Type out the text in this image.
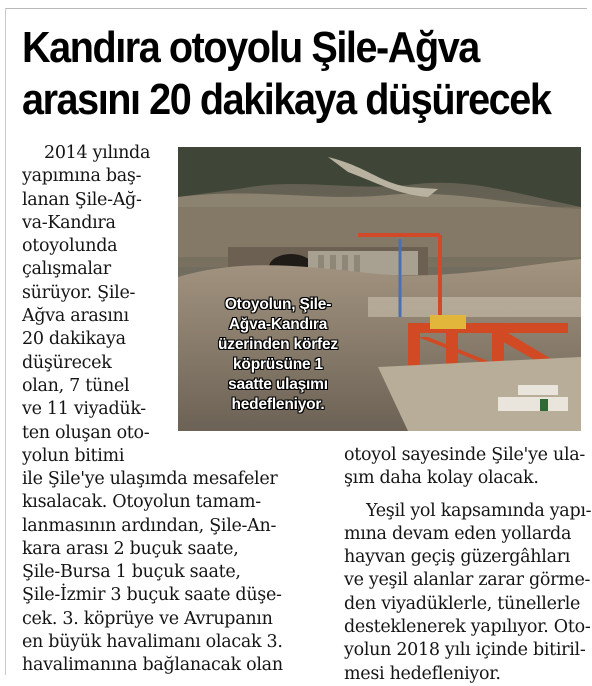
Kandıra otoyolu Şile-Ağva
arasını 20 dakikaya düşürecek
2014 yılında
yapımına baş-
lanan Şile-Ağ-
va-Kandıra
otoyolunda
çalışmalar
sürüyor. Şile-
Ağva arasını
20 dakikaya
düşürecek
olan, 7 tünel
ve 11 viyadük-
ten oluşan oto-
yolun bitimi

Otoyolun, Şile-
Ağva-Kandıra
üzerinden körfez
köprüsüne 1
saatte ulaşımı
hedefleniyor.

ile Şile'ye ulaşımda mesafeler
kısalacak. Otoyolun tamam-
lanmasının ardından, Şile-An-
kara arası 2 buçuk saate,
Şile-Bursa 1 buçuk saate,
Şile-İzmir 3 buçuk saate düşe-
cek. 3. köprüye ve Avrupanın
en büyük havalimanı olacak 3.
havalimanına bağlanacak olan
otoyol sayesinde Şile'ye ula-
şım daha kolay olacak.
Yeşil yol kapsamında yapı-
mına devam eden yollarda
hayvan geçiş güzergâhları
ve yeşil alanlar zarar görme-
den viyadüklerle, tünellerle
desteklenerek yapılıyor. Oto-
yolun 2018 yılı içinde bitiril-
mesi hedefleniyor.
